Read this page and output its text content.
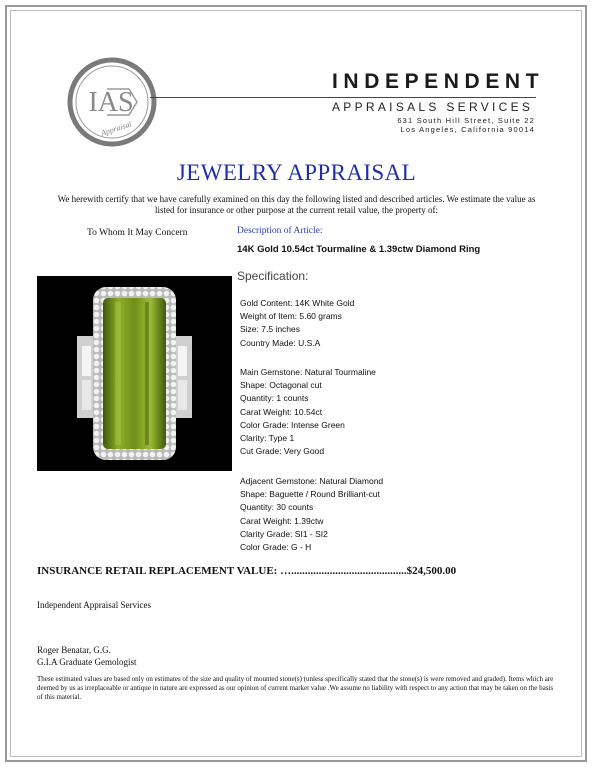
IAS
Appraisal
INDEPENDENT
APPRAISALS SERVICES
631 South Hill Street, Suite 22
Los Angeles, California 90014
JEWELRY APPRAISAL
We herewith certify that we have carefully examined on this day the following listed and described articles. We estimate the value as listed for insurance or other purpose at the current retail value, the property of:
To Whom It May Concern	Description of Article:
14K Gold 10.54ct Tourmaline & 1.39ctw Diamond Ring
Specification:
Gold Content: 14K White Gold
Weight of Item: 5.60 grams
Size: 7.5 inches
Country Made: U.S.A
Main Gemstone: Natural Tourmaline
Shape: Octagonal cut
Quantity: 1 counts
Carat Weight: 10.54ct
Color Grade: Intense Green
Clarity: Type 1
Cut Grade: Very Good
Adjacent Gemstone: Natural Diamond
Shape: Baguette / Round Brilliant-cut
Quantity: 30 counts
Carat Weight: 1.39ctw
Clarity Grade: SI1 - SI2
Color Grade: G - H
INSURANCE RETAIL REPLACEMENT VALUE: …..........................................$24,500.00
Independent Appraisal Services
Roger Benatar, G.G.
G.I.A Graduate Gemologist
These estimated values are based only on estimates of the size and quality of mounted stone(s) (unless specifically stated that the stone(s) is were removed and graded). Items which are deemed by us as irreplaceable or antique in nature are expressed as our opinion of current market value .We assume no liability with respect to any action that may be taken on the basis of this material.
